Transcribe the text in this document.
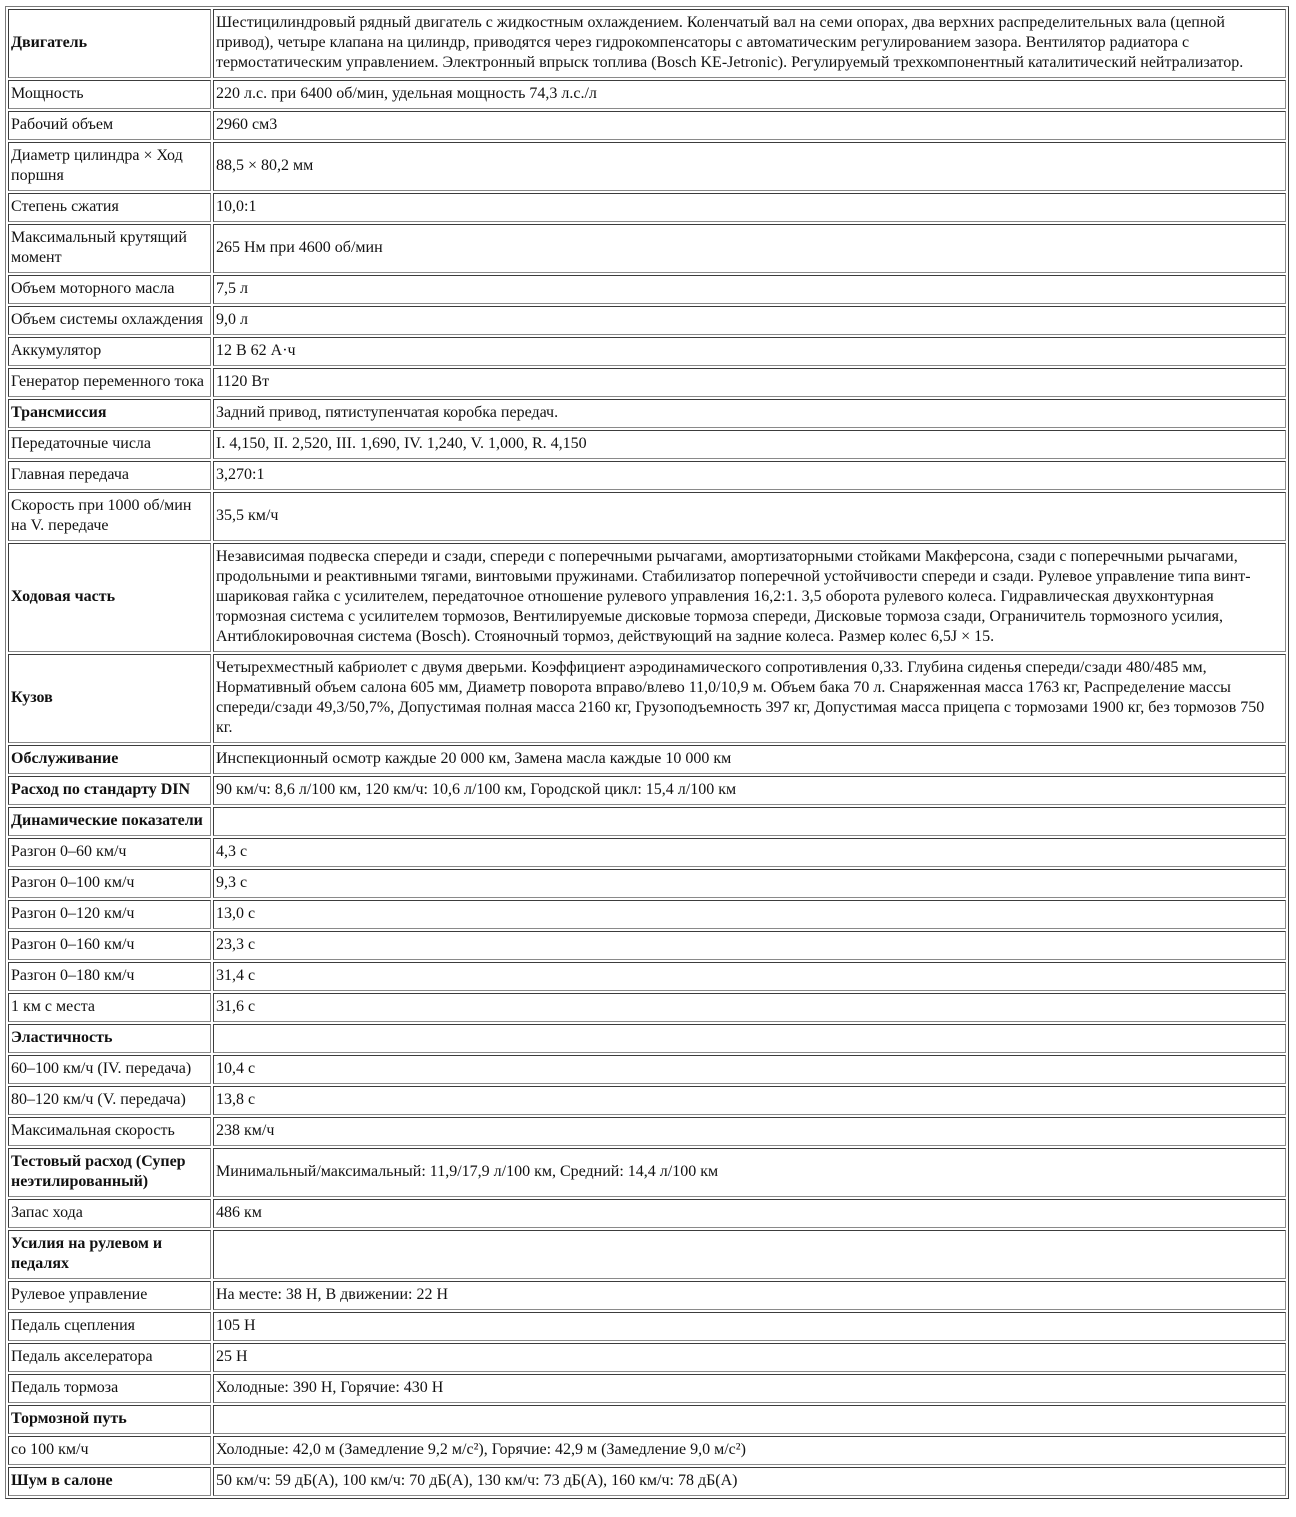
Двигатель	Шестицилиндровый рядный двигатель с жидкостным охлаждением. Коленчатый вал на семи опорах, два верхних распределительных вала (цепной привод), четыре клапана на цилиндр, приводятся через гидрокомпенсаторы с автоматическим регулированием зазора. Вентилятор радиатора с термостатическим управлением. Электронный впрыск топлива (Bosch KE-Jetronic). Регулируемый трехкомпонентный каталитический нейтрализатор.
Мощность	220 л.с. при 6400 об/мин, удельная мощность 74,3 л.с./л
Рабочий объем	2960 см3
Диаметр цилиндра × Ход поршня	88,5 × 80,2 мм
Степень сжатия	10,0:1
Максимальный крутящий момент	265 Нм при 4600 об/мин
Объем моторного масла	7,5 л
Объем системы охлаждения	9,0 л
Аккумулятор	12 В 62 А·ч
Генератор переменного тока	1120 Вт
Трансмиссия	Задний привод, пятиступенчатая коробка передач.
Передаточные числа	I. 4,150, II. 2,520, III. 1,690, IV. 1,240, V. 1,000, R. 4,150
Главная передача	3,270:1
Скорость при 1000 об/мин на V. передаче	35,5 км/ч
Ходовая часть	Независимая подвеска спереди и сзади, спереди с поперечными рычагами, амортизаторными стойками Макферсона, сзади с поперечными рычагами, продольными и реактивными тягами, винтовыми пружинами. Стабилизатор поперечной устойчивости спереди и сзади. Рулевое управление типа винт-шариковая гайка с усилителем, передаточное отношение рулевого управления 16,2:1. 3,5 оборота рулевого колеса. Гидравлическая двухконтурная тормозная система с усилителем тормозов, Вентилируемые дисковые тормоза спереди, Дисковые тормоза сзади, Ограничитель тормозного усилия, Антиблокировочная система (Bosch). Стояночный тормоз, действующий на задние колеса. Размер колес 6,5J × 15.
Кузов	Четырехместный кабриолет с двумя дверьми. Коэффициент аэродинамического сопротивления 0,33. Глубина сиденья спереди/сзади 480/485 мм, Нормативный объем салона 605 мм, Диаметр поворота вправо/влево 11,0/10,9 м. Объем бака 70 л. Снаряженная масса 1763 кг, Распределение массы спереди/сзади 49,3/50,7%, Допустимая полная масса 2160 кг, Грузоподъемность 397 кг, Допустимая масса прицепа с тормозами 1900 кг, без тормозов 750 кг.
Обслуживание	Инспекционный осмотр каждые 20 000 км, Замена масла каждые 10 000 км
Расход по стандарту DIN	90 км/ч: 8,6 л/100 км, 120 км/ч: 10,6 л/100 км, Городской цикл: 15,4 л/100 км
Динамические показатели	
Разгон 0–60 км/ч	4,3 с
Разгон 0–100 км/ч	9,3 с
Разгон 0–120 км/ч	13,0 с
Разгон 0–160 км/ч	23,3 с
Разгон 0–180 км/ч	31,4 с
1 км с места	31,6 с
Эластичность	
60–100 км/ч (IV. передача)	10,4 с
80–120 км/ч (V. передача)	13,8 с
Максимальная скорость	238 км/ч
Тестовый расход (Супер неэтилированный)	Минимальный/максимальный: 11,9/17,9 л/100 км, Средний: 14,4 л/100 км
Запас хода	486 км
Усилия на рулевом и педалях	
Рулевое управление	На месте: 38 Н, В движении: 22 Н
Педаль сцепления	105 Н
Педаль акселератора	25 Н
Педаль тормоза	Холодные: 390 Н, Горячие: 430 Н
Тормозной путь	
со 100 км/ч	Холодные: 42,0 м (Замедление 9,2 м/с²), Горячие: 42,9 м (Замедление 9,0 м/с²)
Шум в салоне	50 км/ч: 59 дБ(А), 100 км/ч: 70 дБ(А), 130 км/ч: 73 дБ(А), 160 км/ч: 78 дБ(А)
